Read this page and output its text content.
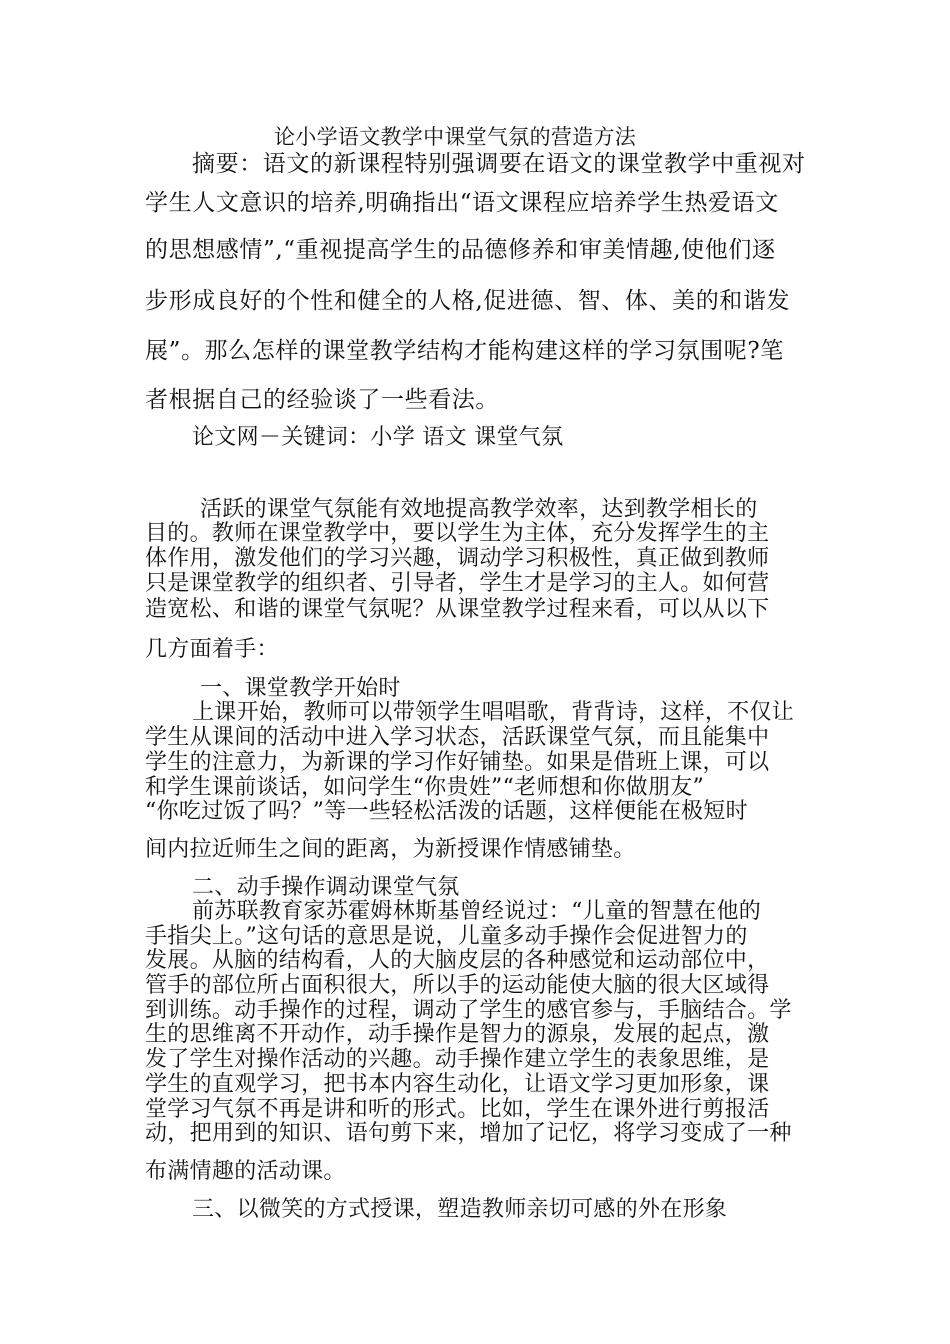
论小学语文教学中课堂气氛的营造方法
摘要：语文的新课程特别强调要在语文的课堂教学中重视对
学生人文意识的培养,明确指出“语文课程应培养学生热爱语文
的思想感情”,“重视提高学生的品德修养和审美情趣,使他们逐
步形成良好的个性和健全的人格,促进德、智、体、美的和谐发
展”。那么怎样的课堂教学结构才能构建这样的学习氛围呢?笔
者根据自己的经验谈了一些看法。
论文网－关键词：小学 语文 课堂气氛
活跃的课堂气氛能有效地提高教学效率，达到教学相长的
目的。教师在课堂教学中，要以学生为主体，充分发挥学生的主
体作用，激发他们的学习兴趣，调动学习积极性，真正做到教师
只是课堂教学的组织者、引导者，学生才是学习的主人。如何营
造宽松、和谐的课堂气氛呢？从课堂教学过程来看，可以从以下
几方面着手：
一、课堂教学开始时
上课开始，教师可以带领学生唱唱歌，背背诗，这样，不仅让
学生从课间的活动中进入学习状态，活跃课堂气氛，而且能集中
学生的注意力，为新课的学习作好铺垫。如果是借班上课，可以
和学生课前谈话，如问学生“你贵姓”“老师想和你做朋友”
“你吃过饭了吗？”等一些轻松活泼的话题，这样便能在极短时
间内拉近师生之间的距离，为新授课作情感铺垫。
二、动手操作调动课堂气氛
前苏联教育家苏霍姆林斯基曾经说过：“儿童的智慧在他的
手指尖上。”这句话的意思是说，儿童多动手操作会促进智力的
发展。从脑的结构看，人的大脑皮层的各种感觉和运动部位中，
管手的部位所占面积很大，所以手的运动能使大脑的很大区域得
到训练。动手操作的过程，调动了学生的感官参与，手脑结合。学
生的思维离不开动作，动手操作是智力的源泉，发展的起点，激
发了学生对操作活动的兴趣。动手操作建立学生的表象思维，是
学生的直观学习，把书本内容生动化，让语文学习更加形象，课
堂学习气氛不再是讲和听的形式。比如，学生在课外进行剪报活
动，把用到的知识、语句剪下来，增加了记忆，将学习变成了一种
布满情趣的活动课。
三、以微笑的方式授课，塑造教师亲切可感的外在形象
